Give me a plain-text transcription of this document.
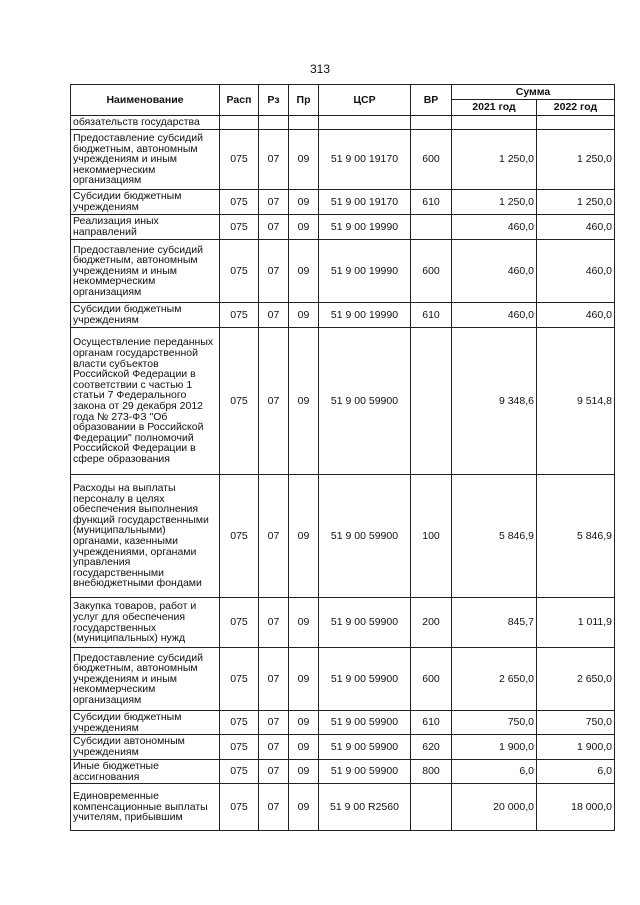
313
Наименование	Расп	Рз	Пр	ЦСР	ВР	Сумма	
						2021 год	2022 год
обязательств государства							
Предоставление субсидий бюджетным, автономным учреждениям и иным некоммерческим организациям	075	07	09	51 9 00 19170	600	1 250,0	1 250,0
Субсидии бюджетным учреждениям	075	07	09	51 9 00 19170	610	1 250,0	1 250,0
Реализация иных направлений	075	07	09	51 9 00 19990		460,0	460,0
Предоставление субсидий бюджетным, автономным учреждениям и иным некоммерческим организациям	075	07	09	51 9 00 19990	600	460,0	460,0
Субсидии бюджетным учреждениям	075	07	09	51 9 00 19990	610	460,0	460,0
Осуществление переданных органам государственной власти субъектов Российской Федерации в соответствии с частью 1 статьи 7 Федерального закона от 29 декабря 2012 года № 273-ФЗ "Об образовании в Российской Федерации" полномочий Российской Федерации в сфере образования	075	07	09	51 9 00 59900		9 348,6	9 514,8
Расходы на выплаты персоналу в целях обеспечения выполнения функций государственными (муниципальными) органами, казенными учреждениями, органами управления государственными внебюджетными фондами	075	07	09	51 9 00 59900	100	5 846,9	5 846,9
Закупка товаров, работ и услуг для обеспечения государственных (муниципальных) нужд	075	07	09	51 9 00 59900	200	845,7	1 011,9
Предоставление субсидий бюджетным, автономным учреждениям и иным некоммерческим организациям	075	07	09	51 9 00 59900	600	2 650,0	2 650,0
Субсидии бюджетным учреждениям	075	07	09	51 9 00 59900	610	750,0	750,0
Субсидии автономным учреждениям	075	07	09	51 9 00 59900	620	1 900,0	1 900,0
Иные бюджетные ассигнования	075	07	09	51 9 00 59900	800	6,0	6,0
Единовременные компенсационные выплаты учителям, прибывшим	075	07	09	51 9 00 R2560		20 000,0	18 000,0
